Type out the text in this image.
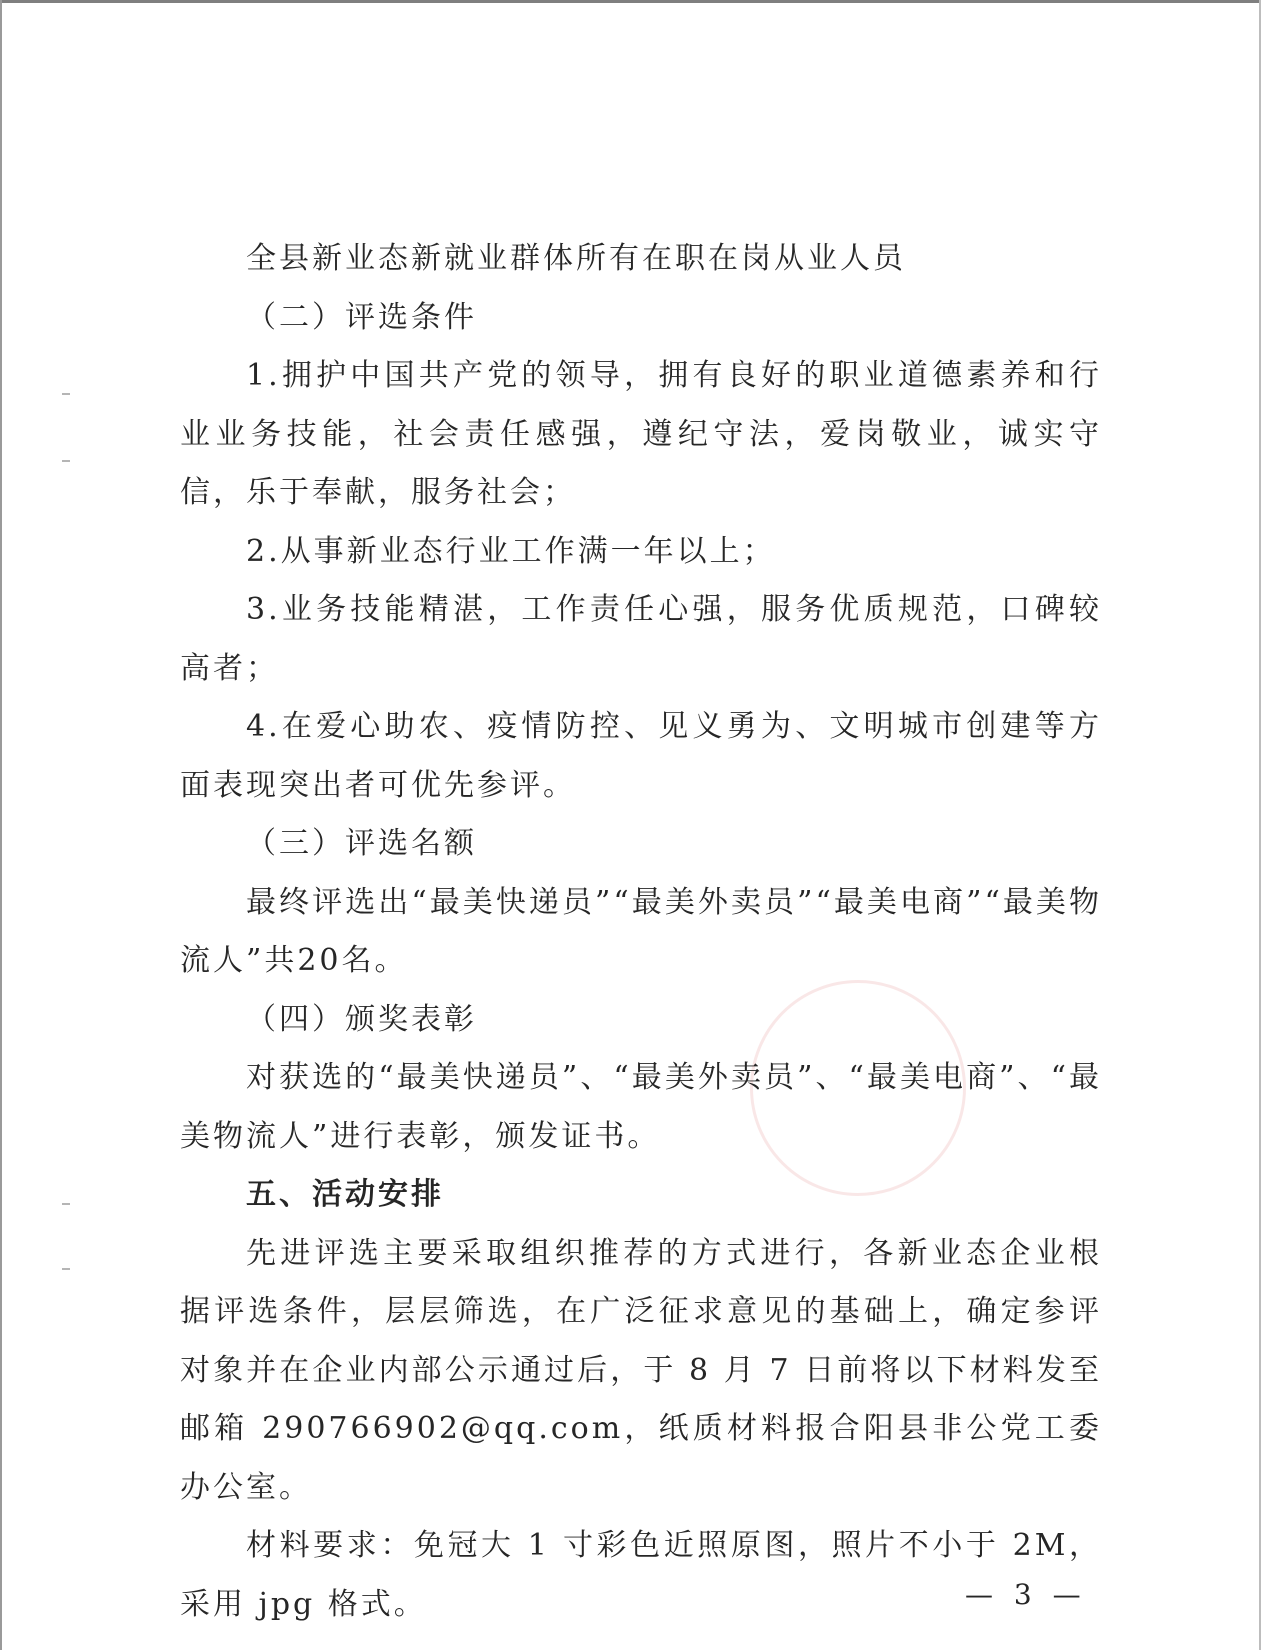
全县新业态新就业群体所有在职在岗从业人员

（二）评选条件

1.拥护中国共产党的领导，拥有良好的职业道德素养和行业业务技能，社会责任感强，遵纪守法，爱岗敬业，诚实守信，乐于奉献，服务社会；

2.从事新业态行业工作满一年以上；

3.业务技能精湛，工作责任心强，服务优质规范，口碑较高者；

4.在爱心助农、疫情防控、见义勇为、文明城市创建等方面表现突出者可优先参评。

（三）评选名额

最终评选出“最美快递员”“最美外卖员”“最美电商”“最美物流人”共20名。

（四）颁奖表彰

对获选的“最美快递员”、“最美外卖员”、“最美电商”、“最美物流人”进行表彰，颁发证书。

五、活动安排

先进评选主要采取组织推荐的方式进行，各新业态企业根据评选条件，层层筛选，在广泛征求意见的基础上，确定参评对象并在企业内部公示通过后，于 8 月 7 日前将以下材料发至邮箱 290766902@qq.com，纸质材料报合阳县非公党工委办公室。

材料要求：免冠大 1 寸彩色近照原图，照片不小于 2M，采用 jpg 格式。	— 3 —
